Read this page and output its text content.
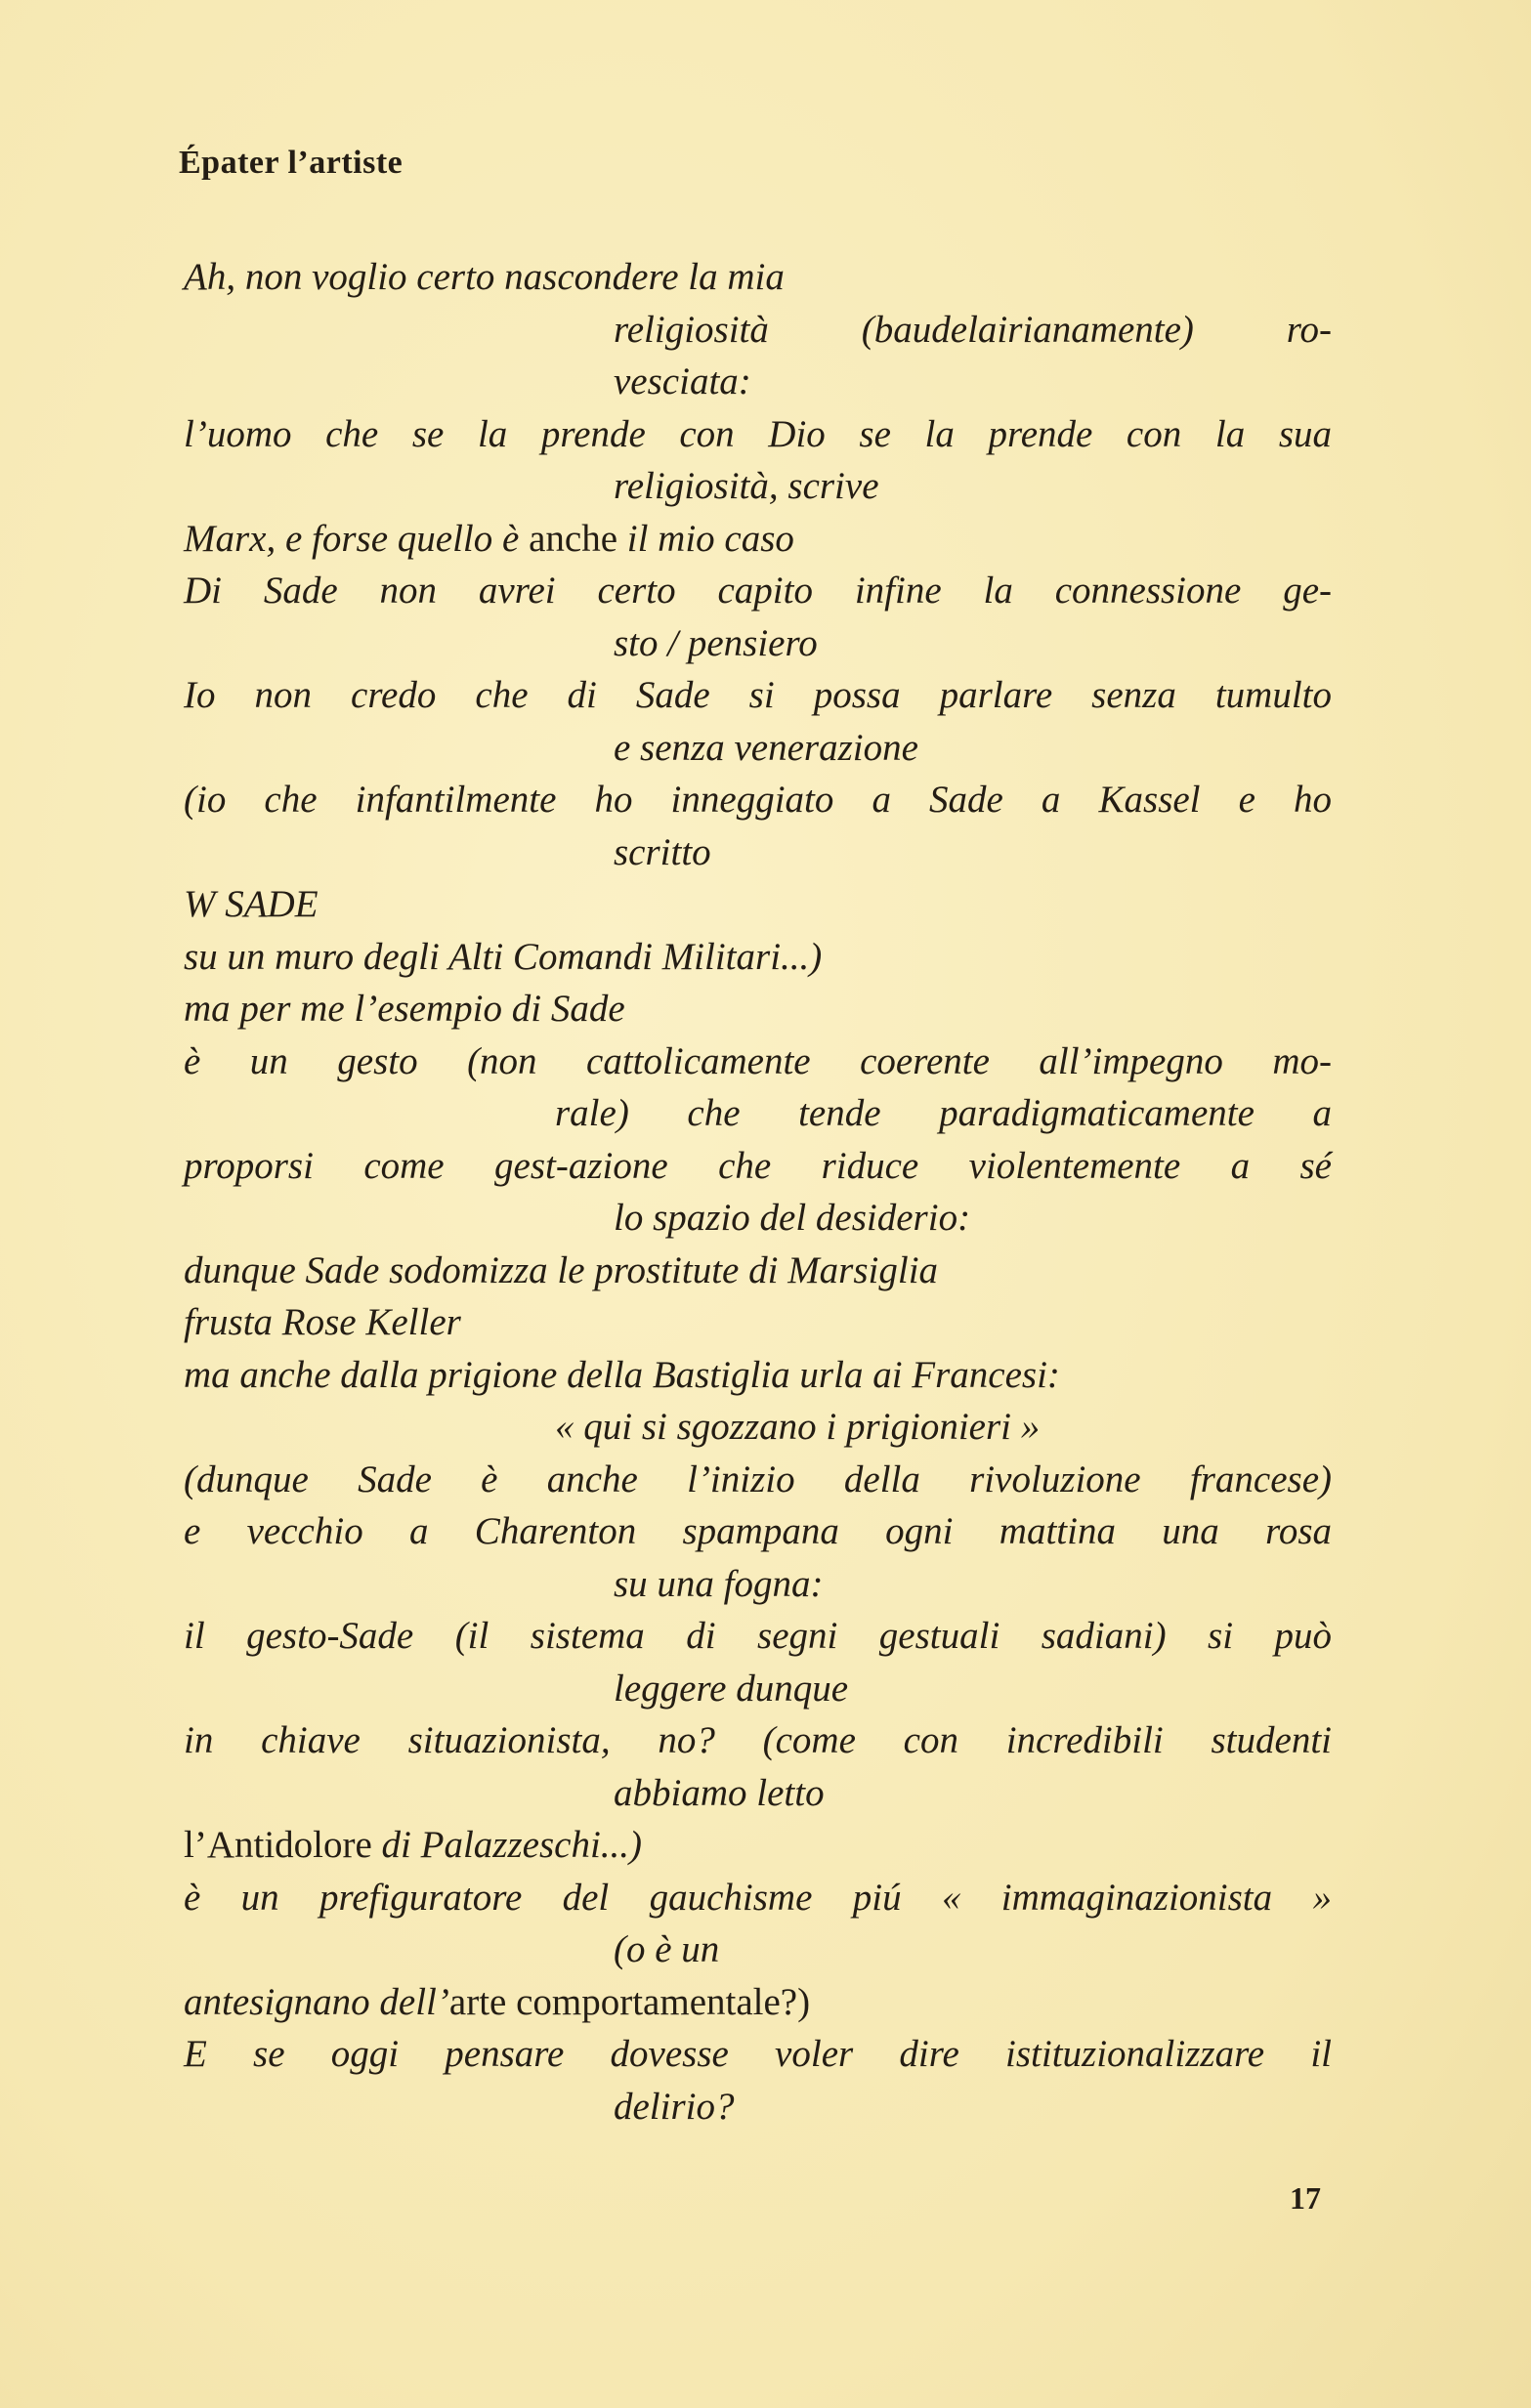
Épater l’artiste
Ah, non voglio certo nascondere la mia
religiosità (baudelairianamente) ro-
vesciata:
l’uomo che se la prende con Dio se la prende con la sua
religiosità, scrive
Marx, e forse quello è anche il mio caso
Di Sade non avrei certo capito infine la connessione ge-
sto / pensiero
Io non credo che di Sade si possa parlare senza tumulto
e senza venerazione
(io che infantilmente ho inneggiato a Sade a Kassel e ho
scritto
W SADE
su un muro degli Alti Comandi Militari...)
ma per me l’esempio di Sade
è un gesto (non cattolicamente coerente all’impegno mo-
rale) che tende paradigmaticamente a
proporsi come gest-azione che riduce violentemente a sé
lo spazio del desiderio:
dunque Sade sodomizza le prostitute di Marsiglia
frusta Rose Keller
ma anche dalla prigione della Bastiglia urla ai Francesi:
« qui si sgozzano i prigionieri »
(dunque Sade è anche l’inizio della rivoluzione francese)
e vecchio a Charenton spampana ogni mattina una rosa
su una fogna:
il gesto-Sade (il sistema di segni gestuali sadiani) si può
leggere dunque
in chiave situazionista, no? (come con incredibili studenti
abbiamo letto
l’Antidolore di Palazzeschi...)
è un prefiguratore del gauchisme piú « immaginazionista »
(o è un
antesignano dell’arte comportamentale?)
E se oggi pensare dovesse voler dire istituzionalizzare il
delirio?
17
